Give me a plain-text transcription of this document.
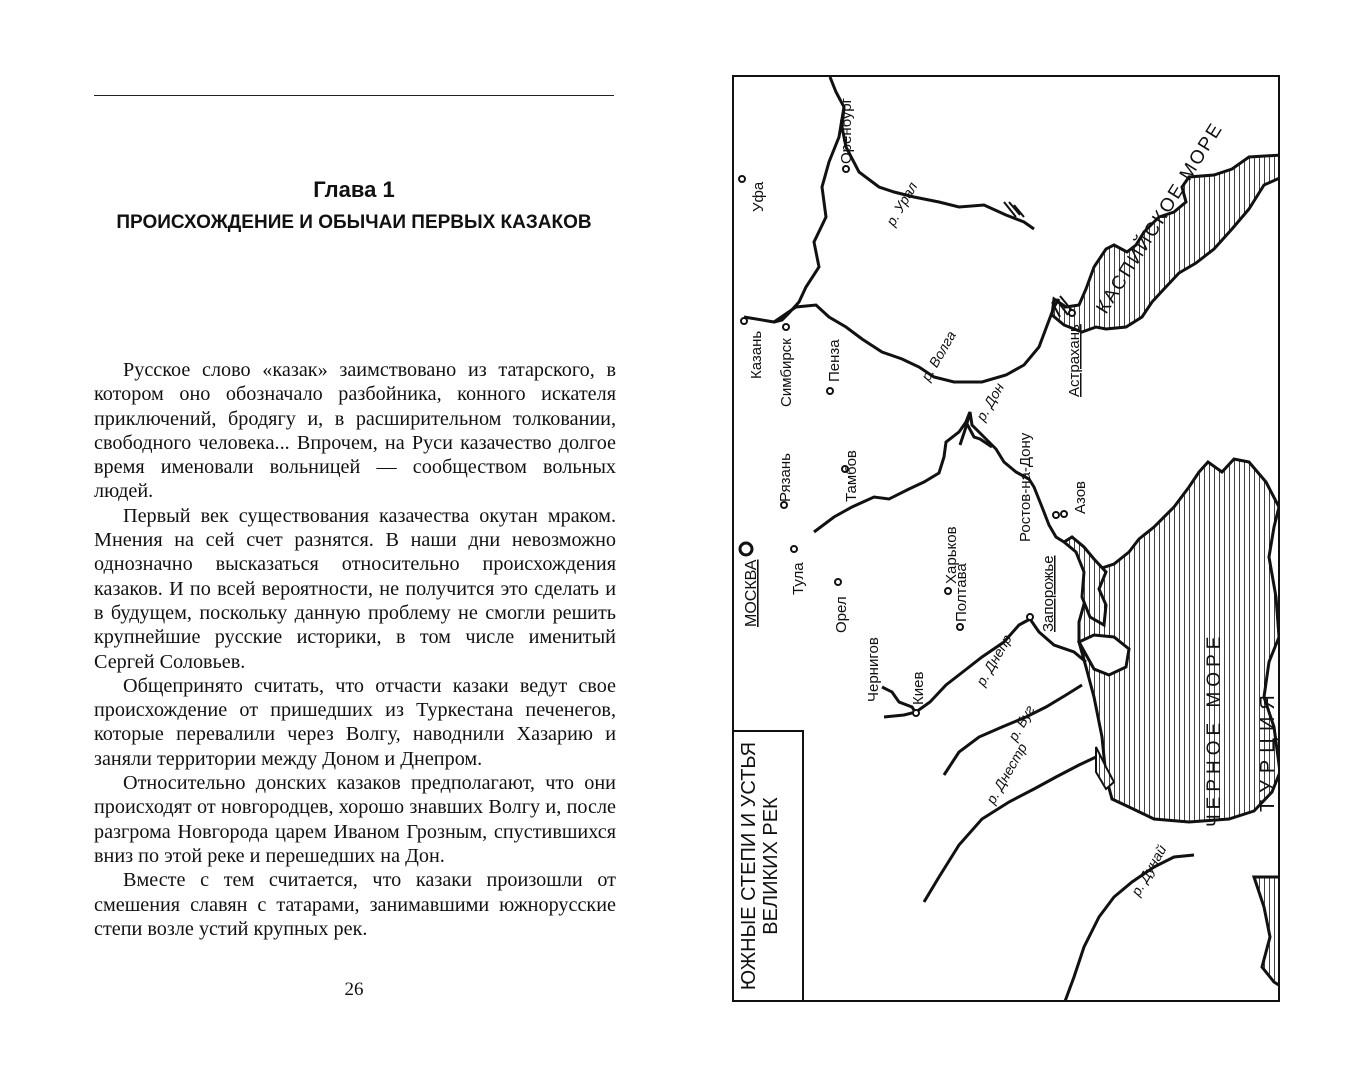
Глава 1
ПРОИСХОЖДЕНИЕ И ОБЫЧАИ ПЕРВЫХ КАЗАКОВ

Русское слово «казак» заимствовано из татарского, в котором оно обозначало разбойника, конного искателя приключений, бродягу и, в расширительном толковании, свободного человека... Впрочем, на Руси казачество долгое время именовали вольницей — сообществом вольных людей.

Первый век существования казачества окутан мраком. Мнения на сей счет разнятся. В наши дни невозможно однозначно высказаться относительно происхождения казаков. И по всей вероятности, не получится это сделать и в будущем, поскольку данную проблему не смогли решить крупнейшие русские историки, в том числе именитый Сергей Соловьев.

Общепринято считать, что отчасти казаки ведут свое происхождение от пришедших из Туркестана печенегов, которые перевалили через Волгу, наводнили Хазарию и заняли территории между Доном и Днепром.

Относительно донских казаков предполагают, что они происходят от новгородцев, хорошо знавших Волгу и, после разгрома Новгорода царем Иваном Грозным, спустившихся вниз по этой реке и перешедших на Дон.

Вместе с тем считается, что казаки произошли от смешения славян с татарами, занимавшими южнорусские степи возле устий крупных рек.

26
Уфа
Оренбург
Казань Симбирск Пенза	Астрахань
Тамбов
Рязань
МОСКВА Тула
Орел
Харьков
Полтава
Чернигов Киев
Ростов-на-Дону	Азов
Запорожье
р. Урал
р. Волга
р. Дон
р. Днепр
р. Буг
р. Днестр
р. Дунай
КАСПИЙСКОЕ МОРЕ
ЧЕРНОЕ МОРЕ ТУРЦИЯ
ЮЖНЫЕ СТЕПИ И УСТЬЯ ВЕЛИКИХ РЕК
